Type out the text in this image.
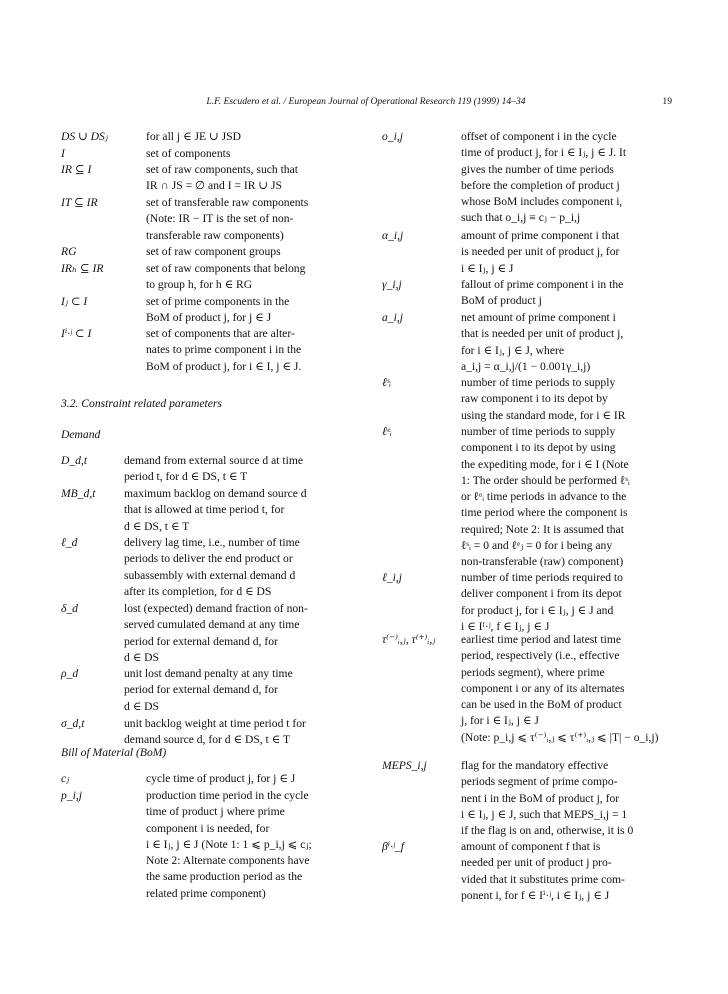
L.F. Escudero et al. / European Journal of Operational Research 119 (1999) 14–34	19
DS ∪ DSⱼ	for all j ∈ JE ∪ JSD
I	set of components
IR ⊆ I	set of raw components, such that
IR ∩ JS = ∅ and I = IR ∪ JS
IT ⊆ IR	set of transferable raw components
(Note: IR − IT is the set of non-
transferable raw components)
RG	set of raw component groups
IRₕ ⊆ IR	set of raw components that belong
to group h, for h ∈ RG
Iⱼ ⊂ I	set of prime components in the
BoM of product j, for j ∈ J
Iⁱ·ʲ ⊂ I	set of components that are alter-
nates to prime component i in the
BoM of product j, for i ∈ I, j ∈ J.
3.2. Constraint related parameters
Demand
D_d,t	demand from external source d at time
period t, for d ∈ DS, t ∈ T
MB_d,t maximum backlog on demand source d
that is allowed at time period t, for
d ∈ DS, t ∈ T
ℓ_d	delivery lag time, i.e., number of time
periods to deliver the end product or
subassembly with external demand d
after its completion, for d ∈ DS
δ_d	lost (expected) demand fraction of non-
served cumulated demand at any time
period for external demand d, for
d ∈ DS
ρ_d	unit lost demand penalty at any time
period for external demand d, for
d ∈ DS
σ_d,t	unit backlog weight at time period t for
demand source d, for d ∈ DS, t ∈ T
Bill of Material (BoM)
cⱼ	cycle time of product j, for j ∈ J
p_i,j	production time period in the cycle
time of product j where prime
component i is needed, for
i ∈ Iⱼ, j ∈ J (Note 1: 1 ⩽ p_i,j ⩽ cⱼ;
Note 2: Alternate components have
the same production period as the
related prime component)
o_i,j	offset of component i in the cycle
time of product j, for i ∈ Iⱼ, j ∈ J. It
gives the number of time periods
before the completion of product j
whose BoM includes component i,
such that o_i,j ≡ cⱼ − p_i,j
α_i,j	amount of prime component i that
is needed per unit of product j, for
i ∈ Iⱼ, j ∈ J
γ_i,j	fallout of prime component i in the
BoM of product j
a_i,j	net amount of prime component i
that is needed per unit of product j,
for i ∈ Iⱼ, j ∈ J, where
a_i,j = α_i,j/(1 − 0.001γ_i,j)
ℓˢᵢ	number of time periods to supply
raw component i to its depot by
using the standard mode, for i ∈ IR
ℓᵉᵢ	number of time periods to supply
component i to its depot by using
the expediting mode, for i ∈ I (Note
1: The order should be performed ℓˢᵢ
or ℓᵉᵢ time periods in advance to the
time period where the component is
required; Note 2: It is assumed that
ℓˢᵢ = 0 and ℓᵉⱼ = 0 for i being any
non-transferable (raw) component)
ℓ_i,j	number of time periods required to
deliver component i from its depot
for product j, for i ∈ Iⱼ, j ∈ J and
i ∈ Iᶠ·ʲ, f ∈ Iⱼ, j ∈ J
τ⁽⁻⁾ᵢ,ⱼ, τ⁽⁺⁾ᵢ,ⱼ earliest time period and latest time
period, respectively (i.e., effective
periods segment), where prime
component i or any of its alternates
can be used in the BoM of product
j, for i ∈ Iⱼ, j ∈ J
(Note: p_i,j ⩽ τ⁽⁻⁾ᵢ,ⱼ ⩽ τ⁽⁺⁾ᵢ,ⱼ ⩽ |T| − o_i,j)
MEPS_i,j	flag for the mandatory effective
periods segment of prime compo-
nent i in the BoM of product j, for
i ∈ Iⱼ, j ∈ J, such that MEPS_i,j = 1
if the flag is on and, otherwise, it is 0
βⁱ·ʲ_f	amount of component f that is
needed per unit of product j pro-
vided that it substitutes prime com-
ponent i, for f ∈ Iⁱ·ʲ, i ∈ Iⱼ, j ∈ J
